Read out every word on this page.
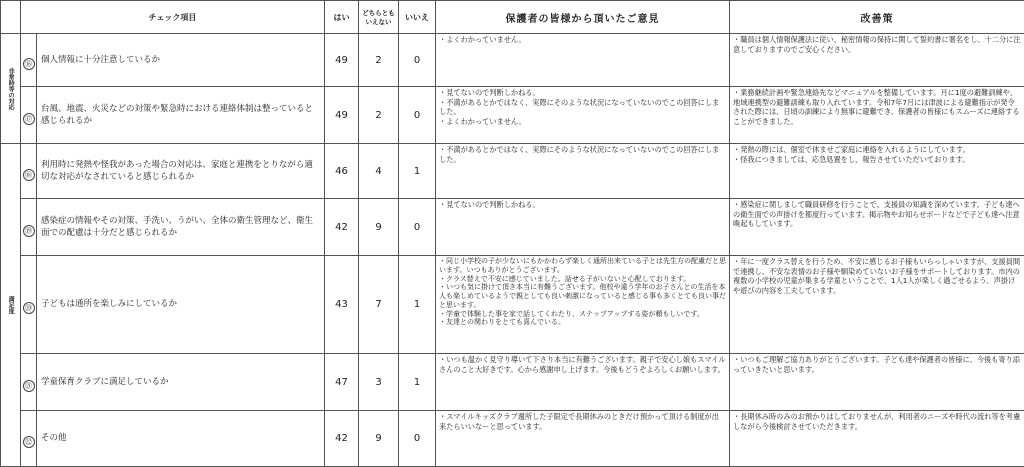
	チェック項目		はい	どちらとも いえない	いいえ	保護者の皆様から頂いたご意見	改善策

非常時等の対応	⑯	個人情報に十分注意しているか	49	2	0	・よくわかっていません。	・職員は個人情報保護法に従い、秘密情報の保持に関して誓約書に署名をし、十二分に注意しておりますのでご安心ください。

	⑰	台風、地震、火災などの対策や緊急時における連絡体制は整っていると感じられるか	49	2	0	・見てないので判断しかねる。
・不満があるとかではなく、実際にそのような状況になっていないのでこの回答にしました。
・よくわかっていません。	・業務継続計画や緊急連絡先などマニュアルを整備しています。月に1度の避難訓練や、地域連携型の避難訓練も取り入れています。令和7年7月には津波による避難指示が発令された際には、日頃の訓練により無事に避難でき、保護者の皆様にもスムーズに連絡することができました。

満足度	⑱	利用時に発熱や怪我があった場合の対応は、家庭と連携をとりながら適切な対応がなされていると感じられるか	46	4	1	・不満があるとかではなく、実際にそのような状況になっていないのでこの回答にしました。	・発熱の際には、個室で休ませご家庭に連絡を入れるようにしています。
・怪我につきましては、応急処置をし、報告させていただいております。

	⑲	感染症の情報やその対策、手洗い、うがい、全体の衛生管理など、衛生面での配慮は十分だと感じられるか	42	9	0	・見てないので判断しかねる。	・感染症に関しまして職員研修を行うことで、支援員の知識を深めています。子ども達への衛生面での声掛けを都度行っています。掲示物やお知らせボードなどで子ども達へ注意喚起もしています。

	⑳	子どもは通所を楽しみにしているか	43	7	1	・同じ小学校の子が少ないにもかかわらず楽しく通所出来ている子とは先生方の配慮だと思います。いつもありがとうございます。
・クラス替えで不安に感じていました。話せる子がいないと心配しております。
・いつも気に掛けて頂き本当に有難うございます。他校や違う学年のお子さんとの生活を本人も楽しめているようで親としても良い刺激になっていると感じる事も多くとても良い事だと思います。
・学童で体験した事を家で話してくれたり、ステップアップする姿が頼もしいです。
・友達との関わりをとても喜んでいる。	・年に一度クラス替えを行うため、不安に感じるお子様もいらっしゃいますが、支援員間で連携し、不安な表情のお子様や馴染めていないお子様をサポートしております。市内の複数の小学校の児童が集まる学童ということで、1人1人が楽しく過ごせるよう、声掛けや遊びの内容を工夫しています。

	㉑	学童保育クラブに満足しているか	47	3	1	・いつも温かく見守り導いて下さり本当に有難うございます。親子で安心し娘もスマイルさんのこと大好きです。心から感謝申し上げます。今後もどうぞよろしくお願いします。	・いつもご理解ご協力ありがとうございます。子ども達や保護者の皆様に、今後も寄り添っていきたいと思います。

	㉒	その他	42	9	0	・スマイルキッズクラブ週所した子限定で長期休みのときだけ預かって頂ける制度が出来たらいいなーと思っています。	・長期休み時のみのお預かりはしておりませんが、利用者のニーズや時代の流れ等を考慮しながら今後検討させていただきます。
